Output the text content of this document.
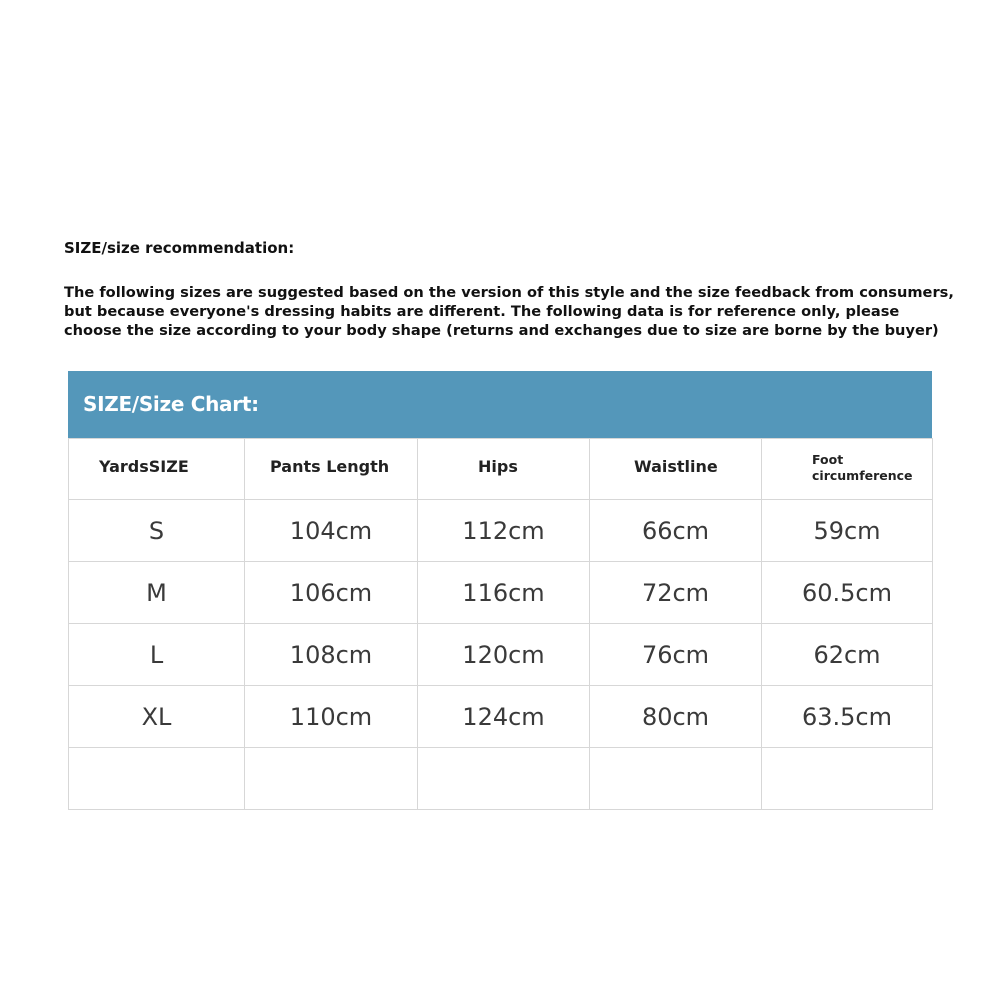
SIZE/size recommendation:

The following sizes are suggested based on the version of this style and the size feedback from consumers,
but because everyone's dressing habits are different. The following data is for reference only, please
choose the size according to your body shape (returns and exchanges due to size are borne by the buyer)

SIZE/Size Chart:
YardsSIZE	Pants Length	Hips	Waistline	Foot
circumference

S	104cm	112cm	66cm	59cm
M	106cm	116cm	72cm	60.5cm
L	108cm	120cm	76cm	62cm
XL	110cm	124cm	80cm	63.5cm
